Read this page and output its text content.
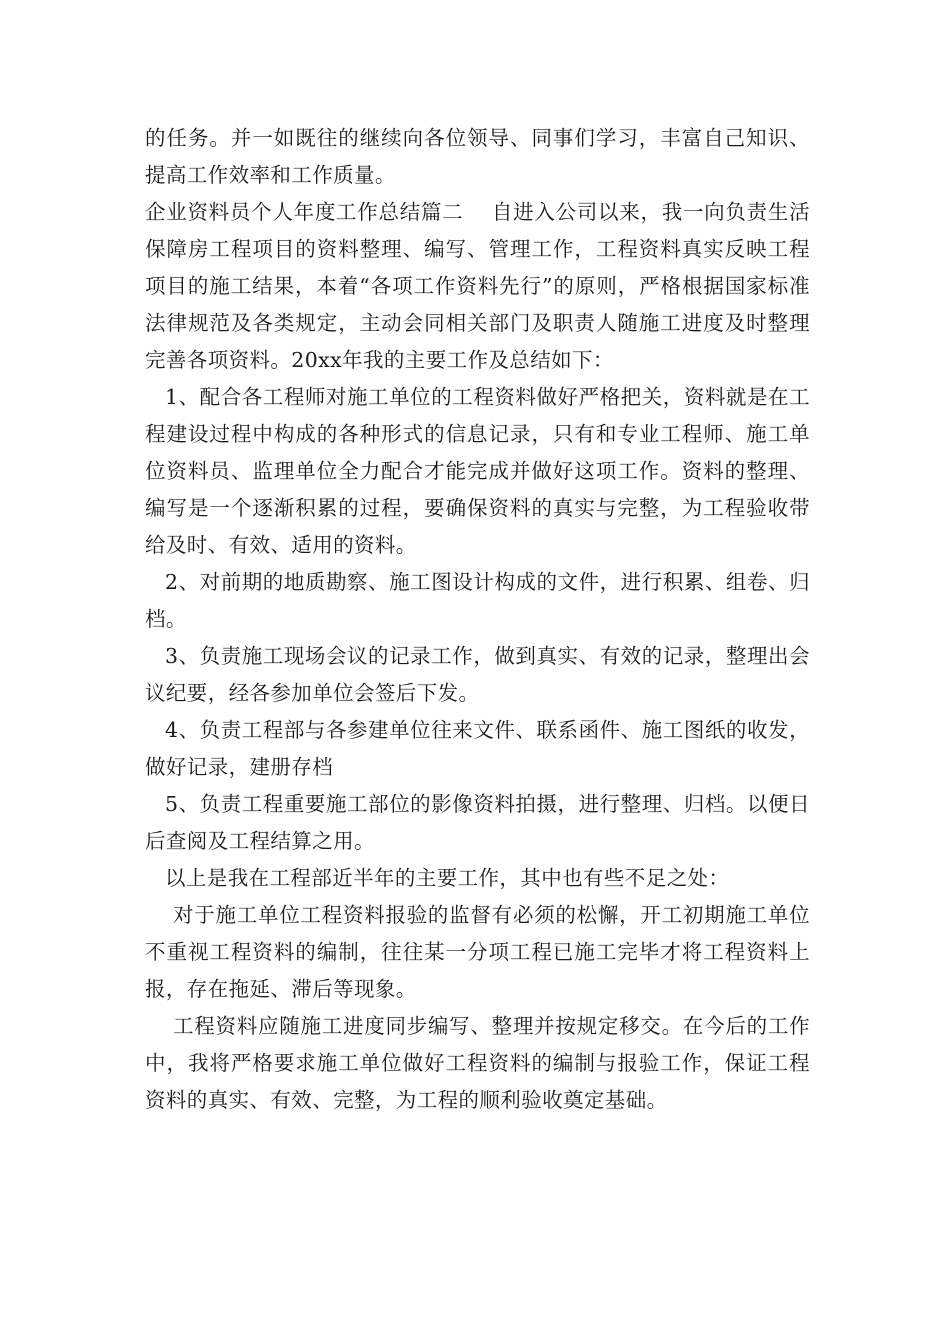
的任务。并一如既往的继续向各位领导、同事们学习，丰富自己知识、提高工作效率和工作质量。

企业资料员个人年度工作总结篇二　 自进入公司以来，我一向负责生活保障房工程项目的资料整理、编写、管理工作，工程资料真实反映工程项目的施工结果，本着“各项工作资料先行”的原则，严格根据国家标准法律规范及各类规定，主动会同相关部门及职责人随施工进度及时整理完善各项资料。20xx年我的主要工作及总结如下：

1、配合各工程师对施工单位的工程资料做好严格把关，资料就是在工程建设过程中构成的各种形式的信息记录，只有和专业工程师、施工单位资料员、监理单位全力配合才能完成并做好这项工作。资料的整理、编写是一个逐渐积累的过程，要确保资料的真实与完整，为工程验收带给及时、有效、适用的资料。

2、对前期的地质勘察、施工图设计构成的文件，进行积累、组卷、归档。

3、负责施工现场会议的记录工作，做到真实、有效的记录，整理出会议纪要，经各参加单位会签后下发。

4、负责工程部与各参建单位往来文件、联系函件、施工图纸的收发，做好记录，建册存档

5、负责工程重要施工部位的影像资料拍摄，进行整理、归档。以便日后查阅及工程结算之用。

以上是我在工程部近半年的主要工作，其中也有些不足之处：

对于施工单位工程资料报验的监督有必须的松懈，开工初期施工单位不重视工程资料的编制，往往某一分项工程已施工完毕才将工程资料上报，存在拖延、滞后等现象。

工程资料应随施工进度同步编写、整理并按规定移交。在今后的工作中，我将严格要求施工单位做好工程资料的编制与报验工作，保证工程资料的真实、有效、完整，为工程的顺利验收奠定基础。
